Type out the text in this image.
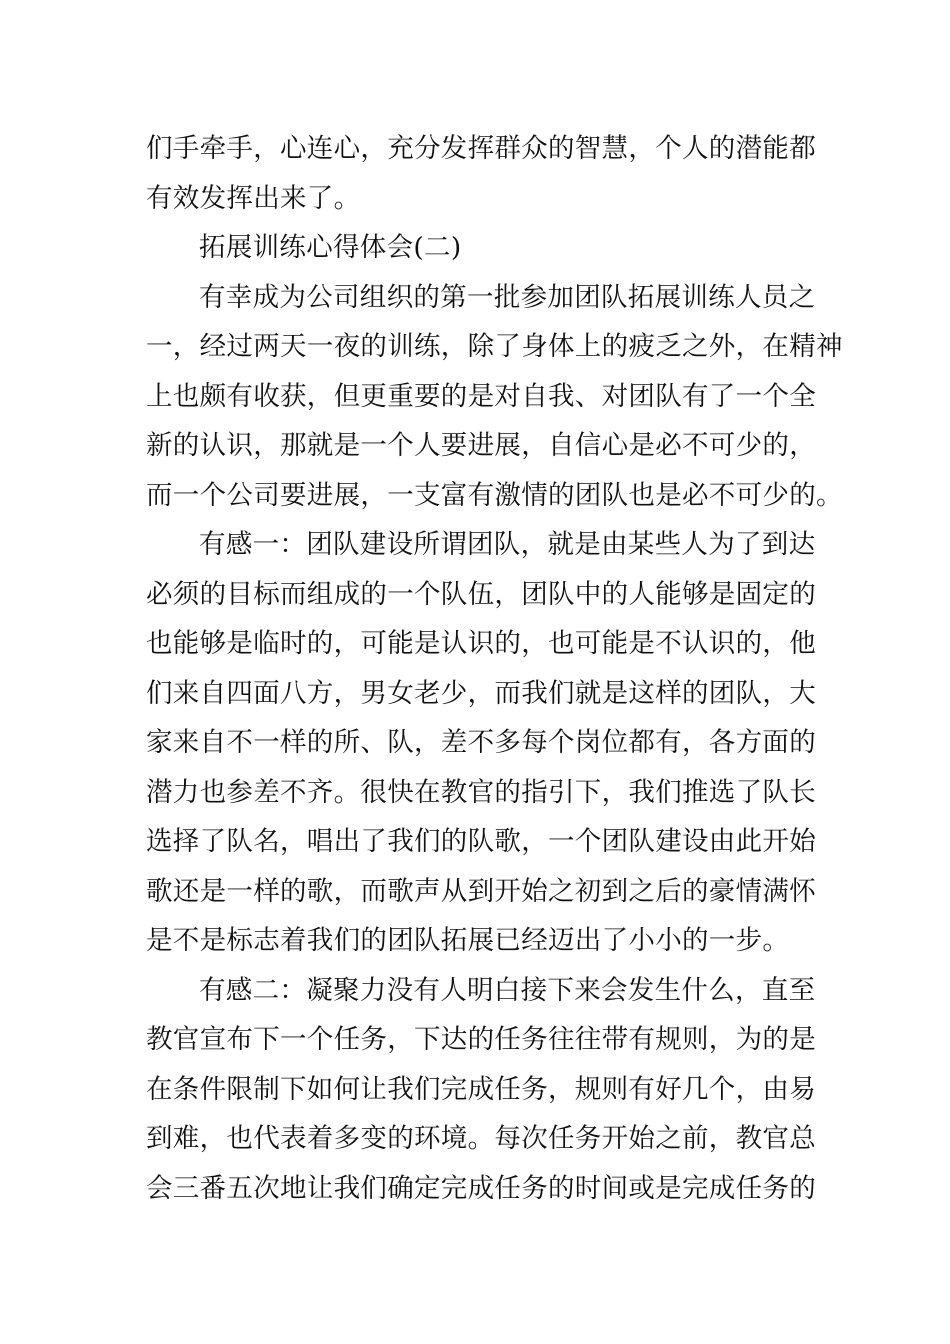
们手牵手，心连心，充分发挥群众的智慧，个人的潜能都
有效发挥出来了。
拓展训练心得体会(二)
有幸成为公司组织的第一批参加团队拓展训练人员之
一，经过两天一夜的训练，除了身体上的疲乏之外，在精神
上也颇有收获，但更重要的是对自我、对团队有了一个全
新的认识，那就是一个人要进展，自信心是必不可少的，
而一个公司要进展，一支富有激情的团队也是必不可少的。
有感一：团队建设所谓团队，就是由某些人为了到达
必须的目标而组成的一个队伍，团队中的人能够是固定的
也能够是临时的，可能是认识的，也可能是不认识的，他
们来自四面八方，男女老少，而我们就是这样的团队，大
家来自不一样的所、队，差不多每个岗位都有，各方面的
潜力也参差不齐。很快在教官的指引下，我们推选了队长
选择了队名，唱出了我们的队歌，一个团队建设由此开始
歌还是一样的歌，而歌声从到开始之初到之后的豪情满怀
是不是标志着我们的团队拓展已经迈出了小小的一步。
有感二：凝聚力没有人明白接下来会发生什么，直至
教官宣布下一个任务，下达的任务往往带有规则，为的是
在条件限制下如何让我们完成任务，规则有好几个，由易
到难，也代表着多变的环境。每次任务开始之前，教官总
会三番五次地让我们确定完成任务的时间或是完成任务的
